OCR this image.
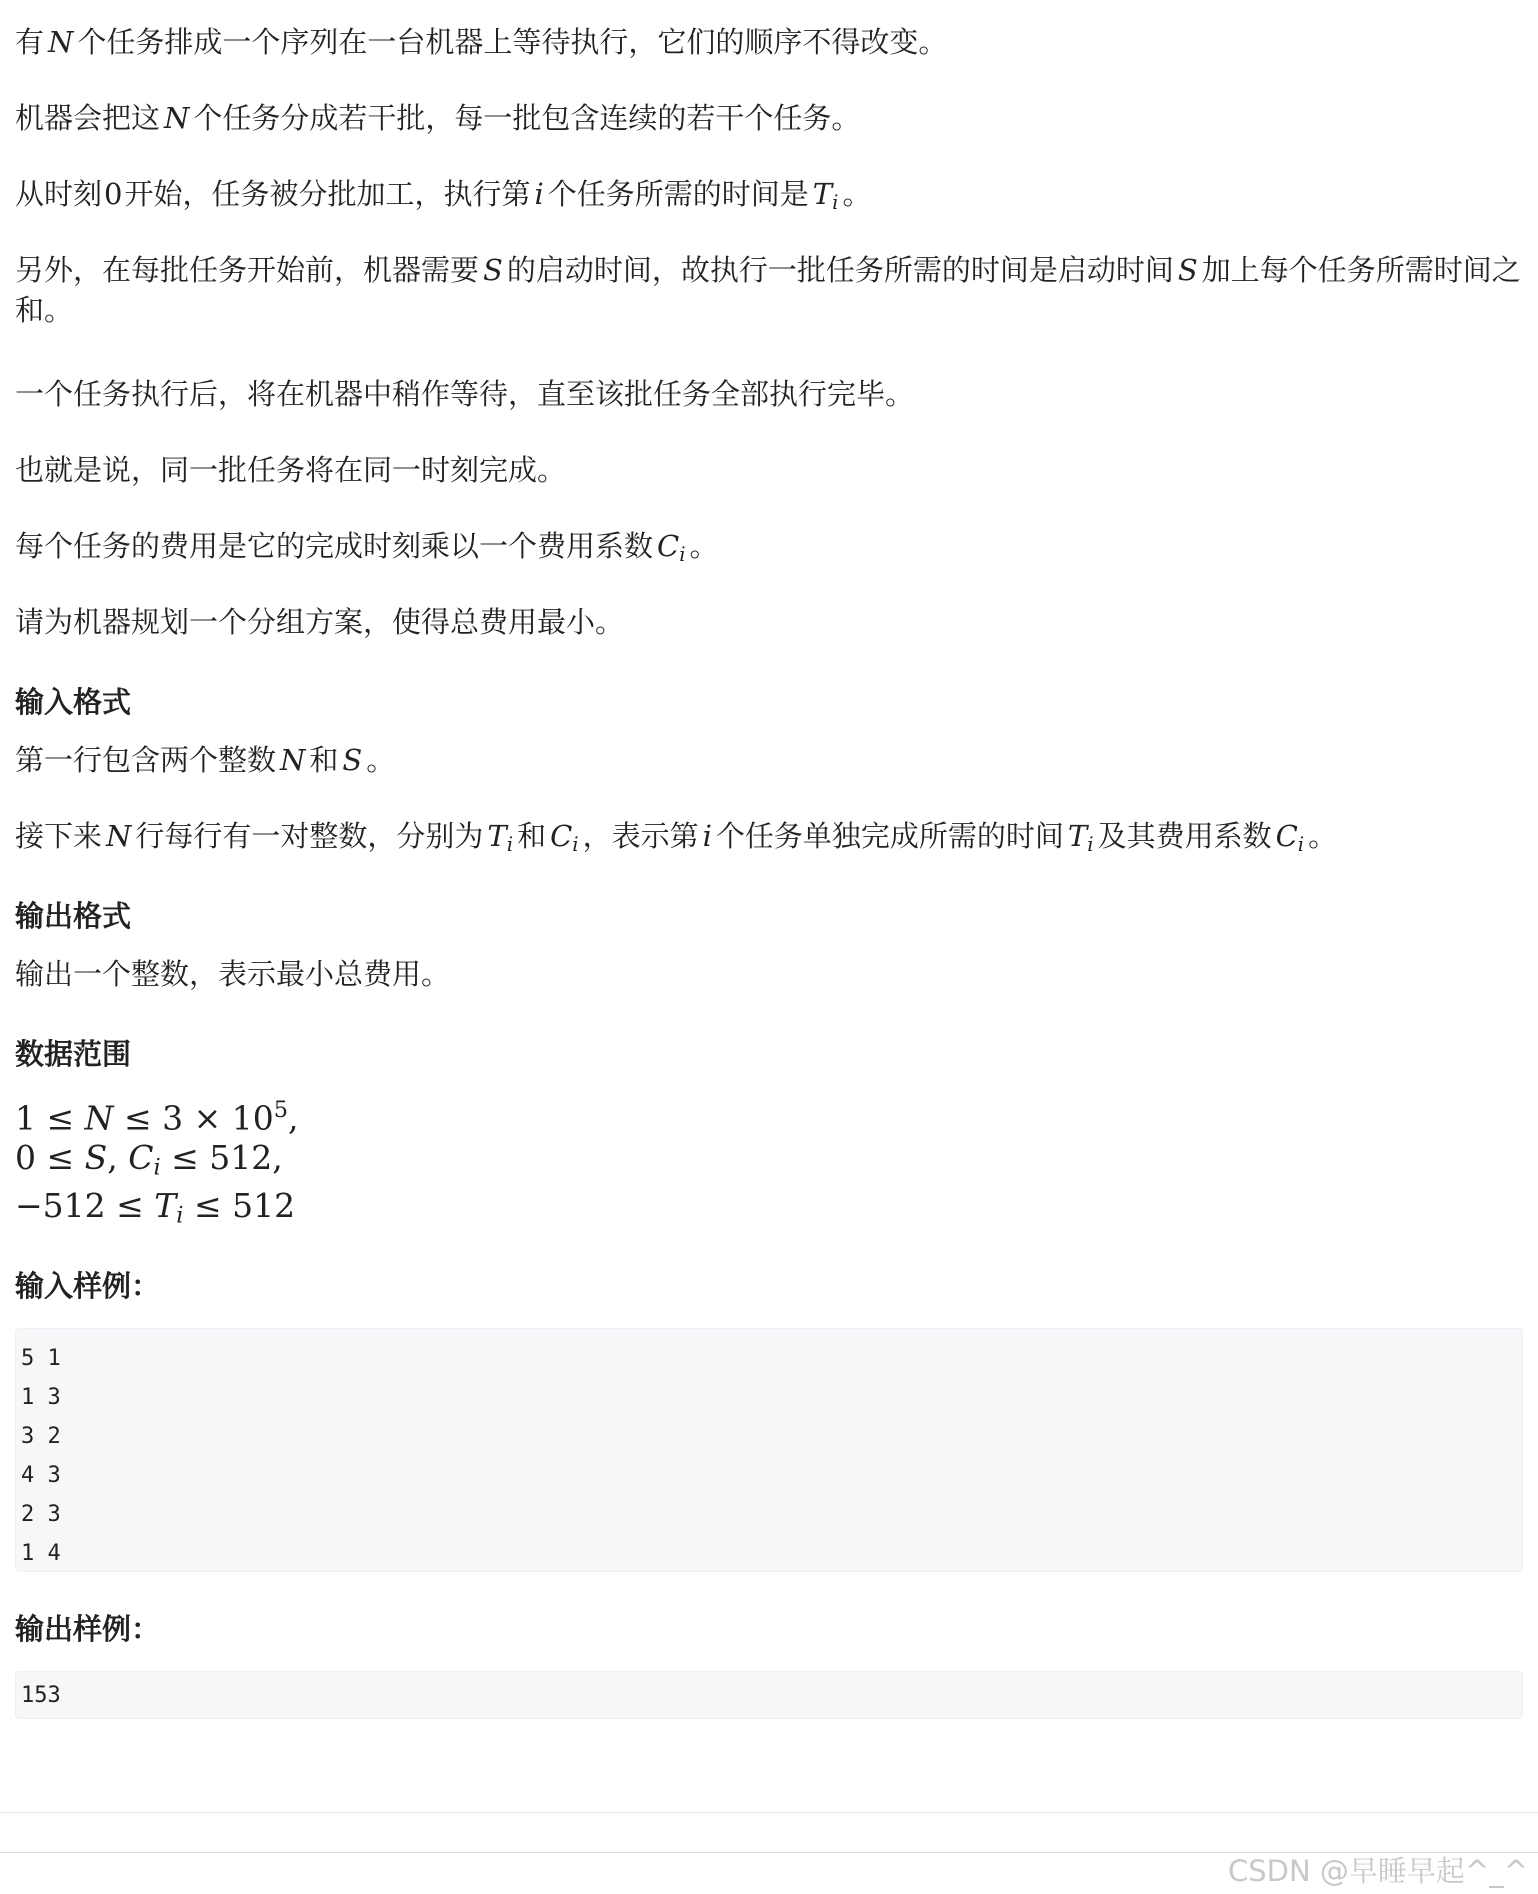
有 N 个任务排成一个序列在一台机器上等待执行，它们的顺序不得改变。

机器会把这 N 个任务分成若干批，每一批包含连续的若干个任务。

从时刻0开始，任务被分批加工，执行第 i 个任务所需的时间是 $T_i$ 。

另外，在每批任务开始前，机器需要 S 的启动时间，故执行一批任务所需的时间是启动时间 S 加上每个任务所需时间之和。

一个任务执行后，将在机器中稍作等待，直至该批任务全部执行完毕。

也就是说，同一批任务将在同一时刻完成。

每个任务的费用是它的完成时刻乘以一个费用系数 $C_i$ 。

请为机器规划一个分组方案，使得总费用最小。

输入格式

第一行包含两个整数 N 和 S 。

接下来 N 行每行有一对整数，分别为 $T_i$ 和 $C_i$ ，表示第 i 个任务单独完成所需的时间 $T_i$ 及其费用系数 $C_i$ 。

输出格式

输出一个整数，表示最小总费用。

数据范围

$1 \le N \le 3 \times 10^5$,

0 ≤ S, $C_i \le 512$,

$-512 \le T_i \le 512$

输入样例：
输出样例：
5 1
1 3
3 2
4 3
2 3
1 4
153
CSDN @早睡早起^_^
